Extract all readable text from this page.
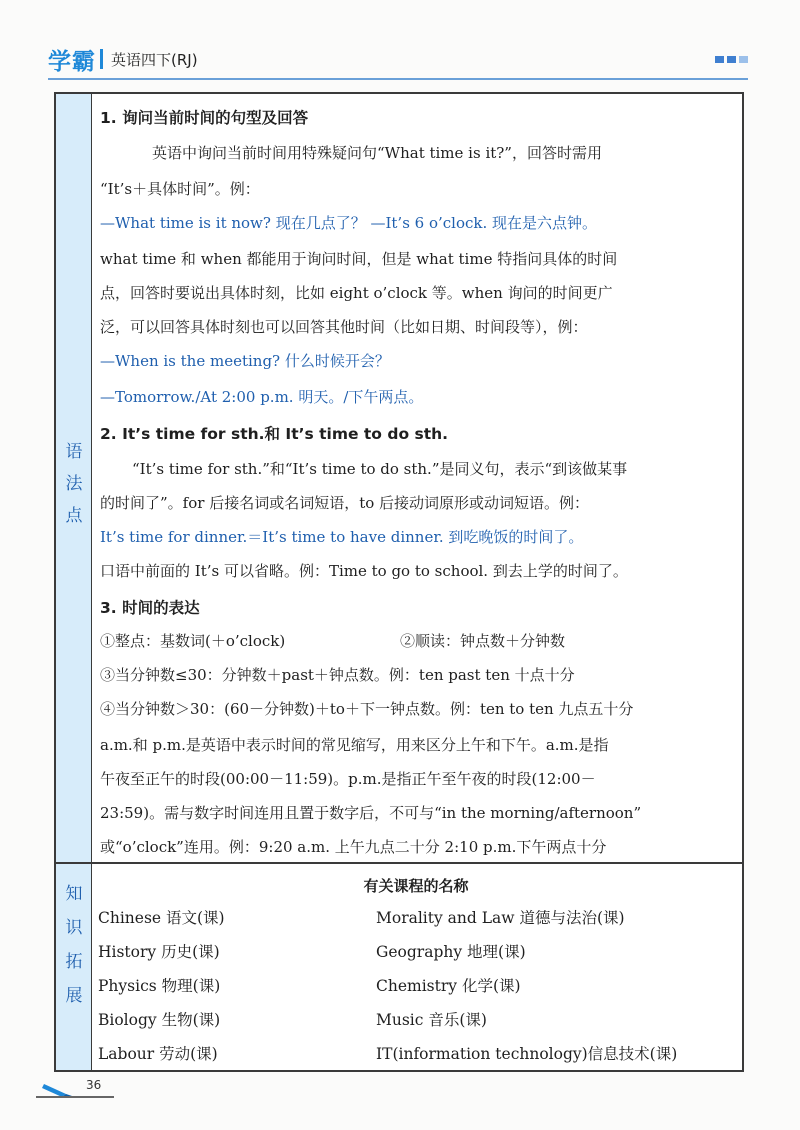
学霸 英语四下(RJ)
语
法
点
知
识
拓
展
1. 询问当前时间的句型及回答
英语中询问当前时间用特殊疑问句“What time is it?”，回答时需用
“It’s＋具体时间”。例：
—What time is it now? 现在几点了？ —It’s 6 o’clock. 现在是六点钟。
what time 和 when 都能用于询问时间，但是 what time 特指问具体的时间
点，回答时要说出具体时刻，比如 eight o’clock 等。when 询问的时间更广
泛，可以回答具体时刻也可以回答其他时间（比如日期、时间段等），例：
—When is the meeting? 什么时候开会？
—Tomorrow./At 2:00 p.m. 明天。/下午两点。
2. It’s time for sth.和 It’s time to do sth.
“It’s time for sth.”和“It’s time to do sth.”是同义句，表示“到该做某事
的时间了”。for 后接名词或名词短语，to 后接动词原形或动词短语。例：
It’s time for dinner.＝It’s time to have dinner. 到吃晚饭的时间了。
口语中前面的 It’s 可以省略。例：Time to go to school. 到去上学的时间了。
3. 时间的表达
①整点：基数词(＋o’clock)	②顺读：钟点数＋分钟数
③当分钟数≤30：分钟数＋past＋钟点数。例：ten past ten 十点十分
④当分钟数＞30：(60－分钟数)＋to＋下一钟点数。例：ten to ten 九点五十分
a.m.和 p.m.是英语中表示时间的常见缩写，用来区分上午和下午。a.m.是指
午夜至正午的时段(00:00－11:59)。p.m.是指正午至午夜的时段(12:00－
23:59)。需与数字时间连用且置于数字后，不可与“in the morning/afternoon”
或“o’clock”连用。例：9:20 a.m. 上午九点二十分 2:10 p.m.下午两点十分
有关课程的名称
Chinese 语文(课)
History 历史(课)
Physics 物理(课)
Biology 生物(课)
Labour 劳动(课)
Morality and Law 道德与法治(课)
Geography 地理(课)
Chemistry 化学(课)
Music 音乐(课)
IT(information technology)信息技术(课)
36
